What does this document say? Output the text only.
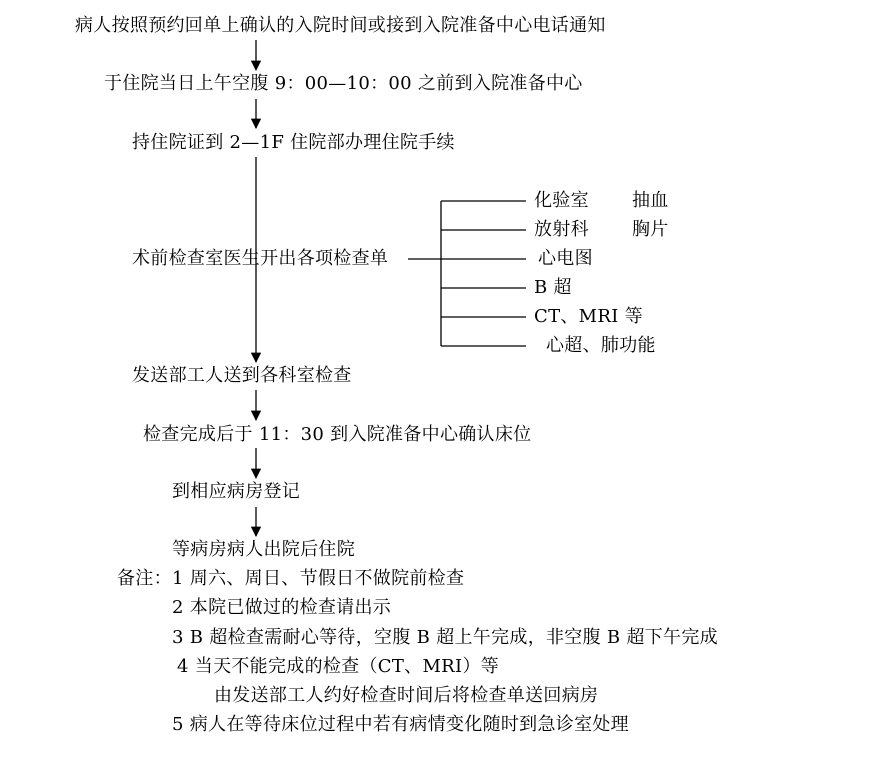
病人按照预约回单上确认的入院时间或接到入院准备中心电话通知
于住院当日上午空腹 9：00—10：00 之前到入院准备中心
持住院证到 2—1F 住院部办理住院手续
术前检查室医生开出各项检查单
发送部工人送到各科室检查
检查完成后于 11：30 到入院准备中心确认床位
到相应病房登记
等病房病人出院后住院
化验室 抽血
放射科 胸片
心电图
B 超
CT、MRI 等
心超、肺功能
备注： 1 周六、周日、节假日不做院前检查
2 本院已做过的检查请出示
3 B 超检查需耐心等待，空腹 B 超上午完成，非空腹 B 超下午完成
4 当天不能完成的检查（CT、MRI）等
由发送部工人约好检查时间后将检查单送回病房
5 病人在等待床位过程中若有病情变化随时到急诊室处理
